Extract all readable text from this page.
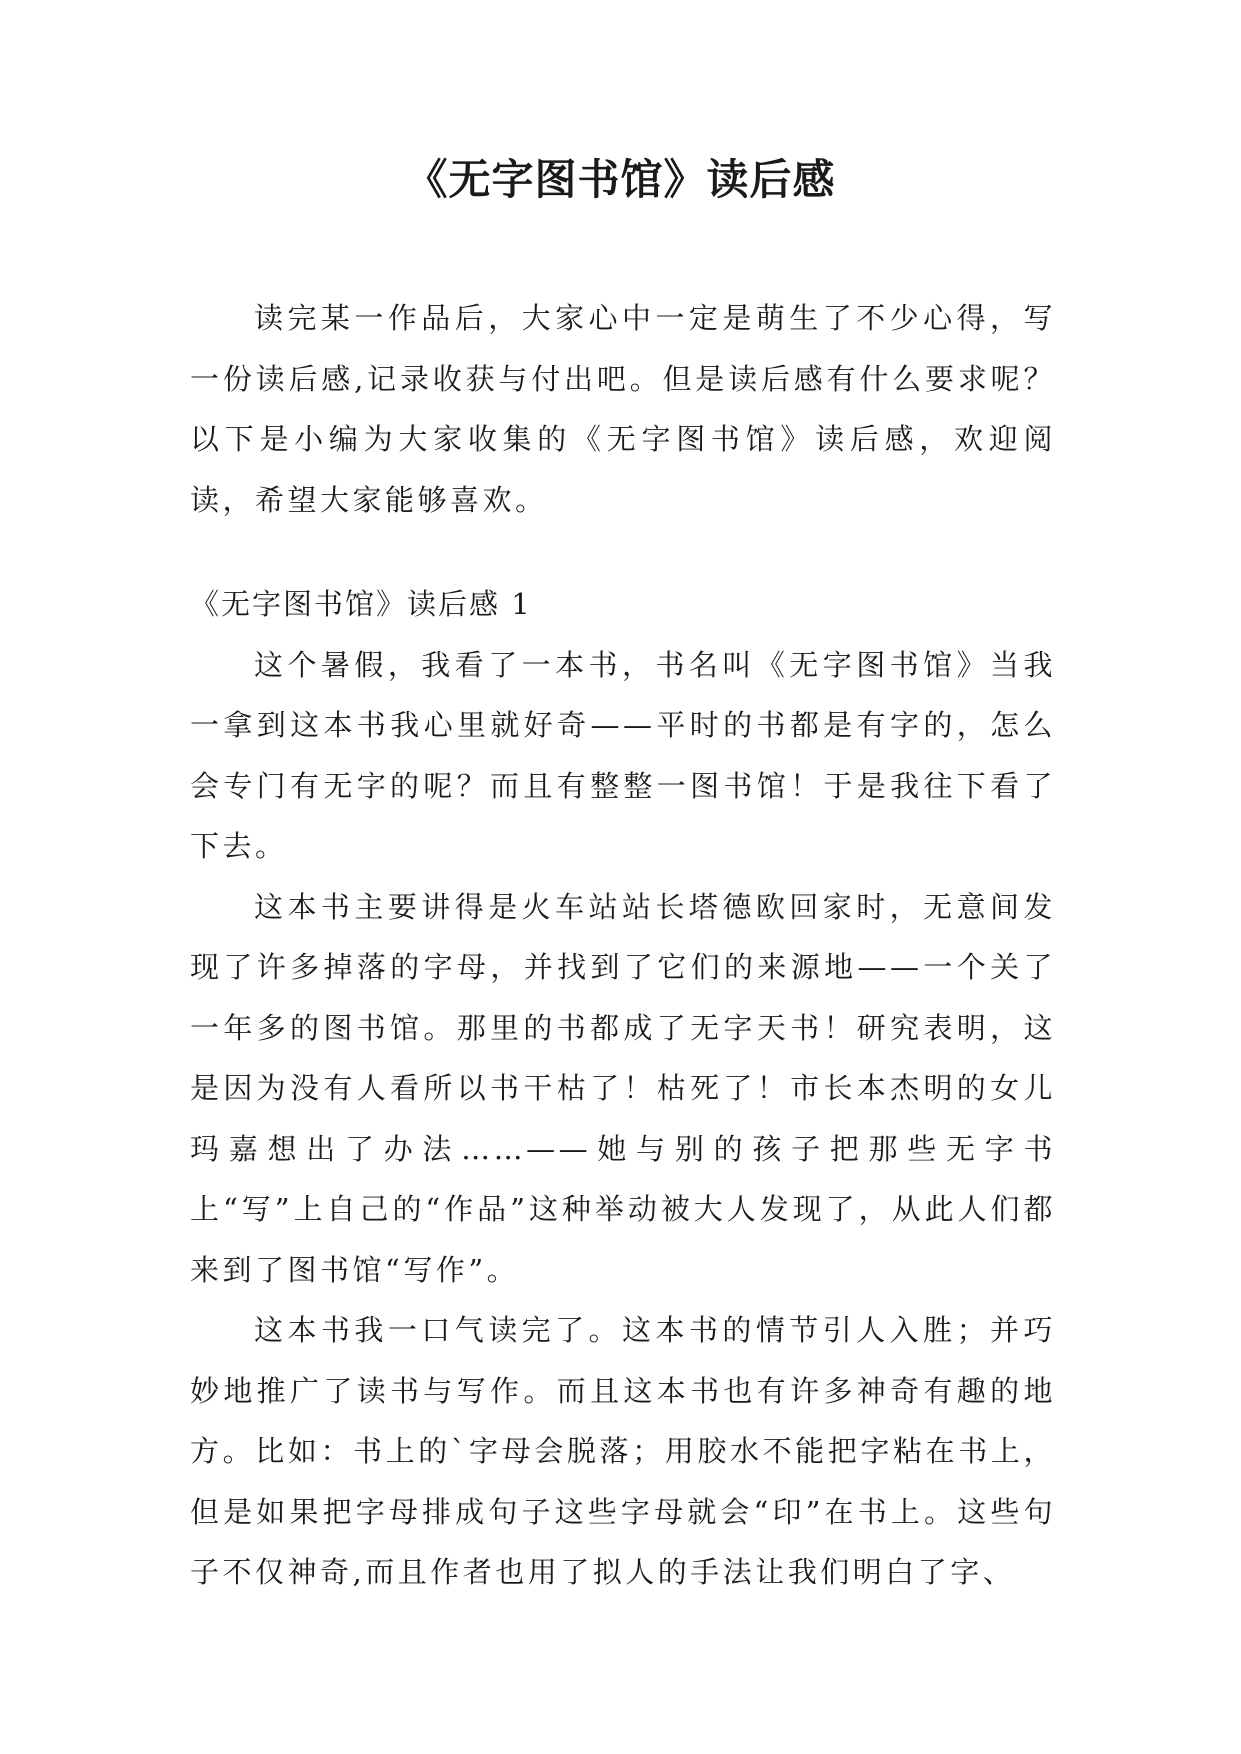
《无字图书馆》读后感

读完某一作品后，大家心中一定是萌生了不少心得，写一份读后感,记录收获与付出吧。但是读后感有什么要求呢？以下是小编为大家收集的《无字图书馆》读后感，欢迎阅读，希望大家能够喜欢。

《无字图书馆》读后感 1

这个暑假，我看了一本书，书名叫《无字图书馆》当我一拿到这本书我心里就好奇——平时的书都是有字的，怎么会专门有无字的呢？而且有整整一图书馆！于是我往下看了下去。

这本书主要讲得是火车站站长塔德欧回家时，无意间发现了许多掉落的字母，并找到了它们的来源地——一个关了一年多的图书馆。那里的书都成了无字天书！研究表明，这是因为没有人看所以书干枯了！枯死了！市长本杰明的女儿玛嘉想出了办法……——她与别的孩子把那些无字书上“写”上自己的“作品”这种举动被大人发现了，从此人们都来到了图书馆“写作”。

这本书我一口气读完了。这本书的情节引人入胜；并巧妙地推广了读书与写作。而且这本书也有许多神奇有趣的地方。比如：书上的`字母会脱落；用胶水不能把字粘在书上，但是如果把字母排成句子这些字母就会“印”在书上。这些句子不仅神奇,而且作者也用了拟人的手法让我们明白了字、
